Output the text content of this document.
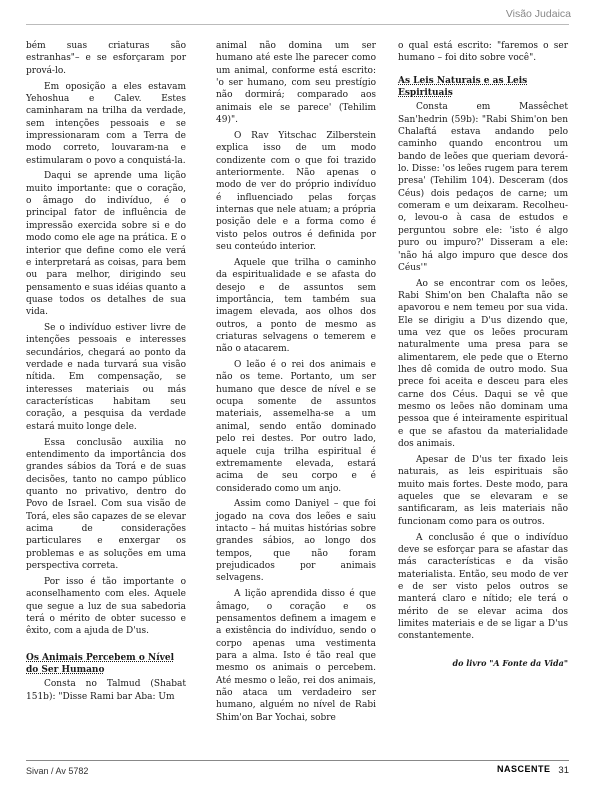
Visão Judaica

bém suas criaturas são estranhas"– e se esforçaram por prová-lo.

Em oposição a eles estavam Yehoshua e Calev. Estes caminharam na trilha da verdade, sem intenções pessoais e se impressionaram com a Terra de modo correto, louvaram-na e estimularam o povo a conquistá-la.

Daqui se aprende uma lição muito importante: que o coração, o âmago do indivíduo, é o principal fator de influência de impressão exercida sobre si e do modo como ele age na prática. E o interior que define como ele verá e interpretará as coisas, para bem ou para melhor, dirigindo seu pensamento e suas idéias quanto a quase todos os detalhes de sua vida.

Se o indivíduo estiver livre de intenções pessoais e interesses secundários, chegará ao ponto da verdade e nada turvará sua visão nítida. Em compensação, se interesses materiais ou más características habitam seu coração, a pesquisa da verdade estará muito longe dele.

Essa conclusão auxilia no entendimento da importância dos grandes sábios da Torá e de suas decisões, tanto no campo público quanto no privativo, dentro do Povo de Israel. Com sua visão de Torá, eles são capazes de se elevar acima de considerações particulares e enxergar os problemas e as soluções em uma perspectiva correta.

Por isso é tão importante o aconselhamento com eles. Aquele que segue a luz de sua sabedoria terá o mérito de obter sucesso e êxito, com a ajuda de D'us.

Os Animais Percebem o Nível do Ser Humano

Consta no Talmud (Shabat 151b): "Disse Rami bar Aba: Um

animal não domina um ser humano até este lhe parecer como um animal, conforme está escrito: 'o ser humano, com seu prestígio não dormirá; comparado aos animais ele se parece' (Tehilim 49)".

O Rav Yitschac Zilberstein explica isso de um modo condizente com o que foi trazido anteriormente. Não apenas o modo de ver do próprio indivíduo é influenciado pelas forças internas que nele atuam; a própria posição dele e a forma como é visto pelos outros é definida por seu conteúdo interior.

Aquele que trilha o caminho da espiritualidade e se afasta do desejo e de assuntos sem importância, tem também sua imagem elevada, aos olhos dos outros, a ponto de mesmo as criaturas selvagens o temerem e não o atacarem.

O leão é o rei dos animais e não os teme. Portanto, um ser humano que desce de nível e se ocupa somente de assuntos materiais, assemelha-se a um animal, sendo então dominado pelo rei destes. Por outro lado, aquele cuja trilha espiritual é extremamente elevada, estará acima de seu corpo e é considerado como um anjo.

Assim como Daniyel – que foi jogado na cova dos leões e saiu intacto – há muitas histórias sobre grandes sábios, ao longo dos tempos, que não foram prejudicados por animais selvagens.

A lição aprendida disso é que âmago, o coração e os pensamentos definem a imagem e a existência do indivíduo, sendo o corpo apenas uma vestimenta para a alma. Isto é tão real que mesmo os animais o percebem. Até mesmo o leão, rei dos animais, não ataca um verdadeiro ser humano, alguém no nível de Rabi Shim'on Bar Yochai, sobre

o qual está escrito: "faremos o ser humano – foi dito sobre você".

As Leis Naturais e as Leis Espirituais

Consta em Massêchet San'hedrin (59b): "Rabi Shim'on ben Chalaftá estava andando pelo caminho quando encontrou um bando de leões que queriam devorá-lo. Disse: 'os leões rugem para terem presa' (Tehilim 104). Desceram (dos Céus) dois pedaços de carne; um comeram e um deixaram. Recolheu-o, levou-o à casa de estudos e perguntou sobre ele: 'isto é algo puro ou impuro?' Disseram a ele: 'não há algo impuro que desce dos Céus'"

Ao se encontrar com os leões, Rabi Shim'on ben Chalafta não se apavorou e nem temeu por sua vida. Ele se dirigiu a D'us dizendo que, uma vez que os leões procuram naturalmente uma presa para se alimentarem, ele pede que o Eterno lhes dê comida de outro modo. Sua prece foi aceita e desceu para eles carne dos Céus. Daqui se vê que mesmo os leões não dominam uma pessoa que é inteiramente espiritual e que se afastou da materialidade dos animais.

Apesar de D'us ter fixado leis naturais, as leis espirituais são muito mais fortes. Deste modo, para aqueles que se elevaram e se santificaram, as leis materiais não funcionam como para os outros.

A conclusão é que o indivíduo deve se esforçar para se afastar das más características e da visão materialista. Então, seu modo de ver e de ser visto pelos outros se manterá claro e nítido; ele terá o mérito de se elevar acima dos limites materiais e de se ligar a D'us constantemente.

do livro "A Fonte da Vida"
Sivan / Av 5782	NASCENTE 31
